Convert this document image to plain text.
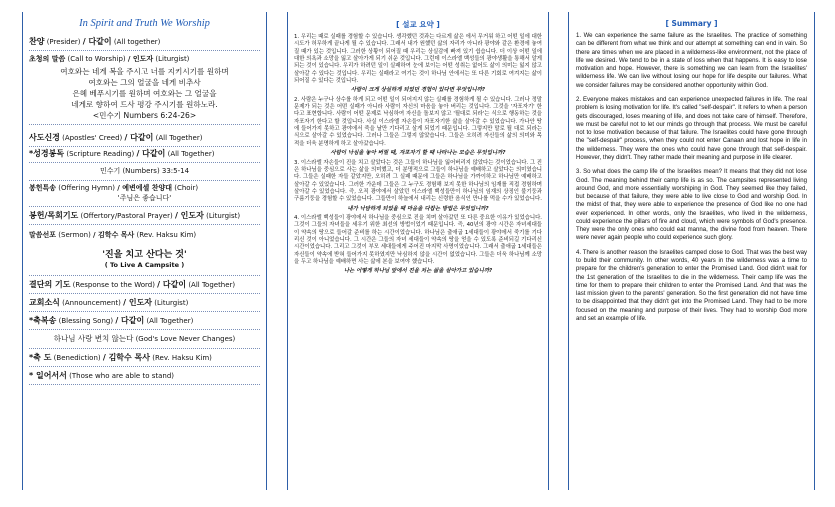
In Spirit and Truth We Worship
찬양 (Presider) / 다같이 (All together)
초청의 말씀 (Call to Worship) / 인도자 (Liturgist)
여호와는 네게 복을 주시고 너를 지키시기를 원하며
여호와는 그의 얼굴을 네게 비추사
은혜 베푸시기를 원하며 여호와는 그 얼굴을
네게로 향하여 드사 평강 주시기를 원하노라.
<민수기 Numbers 6:24-26>
사도신경 (Apostles' Creed) / 다같이 (All Together)
*성경봉독 (Scripture Reading) / 다같이 (All Together)
민수기 (Numbers) 33:5-14
봉헌특송 (Offering Hymn) / 예변에셀 찬양대 (Choir)
'주님은 좋습니다'
봉헌/목회기도 (Offertory/Pastoral Prayer) / 인도자 (Liturgist)
말씀선포 (Sermon) / 김학수 목사 (Rev. Haksu Kim)
'진을 치고 산다는 것'
( To Live A Campsite )
결단의 기도 (Response to the Word) / 다같이 (All Together)
교회소식 (Announcement) / 인도자 (Liturgist)
*축복송 (Blessing Song) / 다같이 (All Together)
하나님 사랑 변치 않는다 (God's Love Never Changes)
*축 도 (Benediction) / 김학수 목사 (Rev. Haksu Kim)
* 일어서서 (Those who are able to stand)
[ 설교 요약 ]

1. 우리는 때로 실패를 경험할 수 있습니다. 생각했던 것과는 다르게 삶은 에서 무거워 하고 어떤 일에 대한 시도가 허무하게 끝나게 될 수 있습니다. 그래서 내가 원했던 삶의 자리가 아니라 광야와 같은 환경에 놓여질 때가 있는 것입니다. 그러한 상황이 되어질 때 우리는 상실감에 빠져 있기 쉽습니다. 더 이상 어떤 일에 대한 의욕과 소망을 잃고 살아가게 되기 쉬운 것입니다. 그런데 이스라엘 백성들의 광야생활을 통해서 알게 되는 것이 있습니다. 우리가 하려던 일이 실패하여 눈에 보이는 어떤 성취는 없어도 삶이 의미는 잃지 않고 살아갈 수 있다는 것입니다. 우리는 실패라고 여기는 것이 하나님 안에서는 또 다른 기회로 여겨지는 삶이 되어질 수 있다는 것입니다.

사람이 크게 상실하게 되었던 경험이 있다면 무엇입니까?

2. 사람은 누구나 상수를 하게 되고 어떤 일이 되어지지 않는 실패를 경험하게 될 수 있습니다. 그러나 정말 문제가 되는 것은 어떤 실패가 아니라 사람이 자신의 마음을 놓아 버리는 것입니다. 그것을 '자포자기' 한 다고 표현합니다. 사람이 어떤 문제로 낙심하여 자신을 돌보지 않고 '될대로 되라'는 식으로 행동하는 것을 자포자기 한다고 할 것입니다. 사실 이스라엘 자손들이 자포자기한 삶을 살아갈 수 있었습니다. 가나안 땅에 들어가지 못하고 광야에서 죽을 날만 기다리고 살게 되었기 때문입니다. 그렇지만 말로 될 대로 되라는 식으로 살아갈 수 있었습니다. 그러나 그들은 그렇지 않았습니다. 그들은 오히려 자신들의 삶의 의미와 목적을 더욱 분명하게 하고 살아갔습니다.

사람이 낙심을 놓아 버릴 때, 자포자기 할 때 나타나는 모습은 무엇입니까?

3. 이스라엘 자손들이 진을 치고 살았다는 것은 그들이 하나님을 잃어버리지 않았다는 것이었습니다. 그 진은 하나님을 중심으로 사는 삶을 의미했고, 더 분명적으로 그들이 하나님을 예배하고 살았다는 의미였습니다. 그들은 실패한 자들 같았지만, 오히려 그 실패 때문에 그들은 하나님을 가까이하고 하나님만 예배하고 살아갈 수 있었습니다. 그러한 가운데 그들은 그 누구도 경험해 보지 못한 하나님의 임재를 직접 경험하며 살아갈 수 있었습니다. 즉, 오직 광야에서 살았던 이스라엘 백성들만이 하나님의 임재의 상징인 불기둥과 구름기둥을 경험할 수 있었습니다. 그들만이 하늘에서 내리는 신령한 음식인 만나를 먹을 수가 있었습니다.

내가 낙담하게 되었을 때 마음을 다잡는 방법은 무엇입니까?

4. 이스라엘 백성들이 광야에서 하나님을 중심으로 진을 치며 살아갔던 또 다른 중요한 이유가 있었습니다. 그것이 그들의 자녀들을 세우기 위한 최선의 방법이었기 때문입니다. 즉, 40년의 광야 시간은 자녀세대들이 약속의 땅으로 들어갈 준비를 하는 시간이었습니다. 하나님은 출애굽 1세대들이 광야에서 죽기를 기다리신 것이 아니었습니다. 그 시간은 그들의 자녀 세대들이 약속의 땅을 얻을 수 있도록 준비되길 기다리신 시간이었습니다. 그리고 그것이 부모 세대들에게 주어진 마지막 사명이었습니다. 그래서 출애굽 1세대들은 자신들이 약속에 받혀 들어가지 못하였지만 낙심하지 않을 시간이 없었습니다. 그들은 더욱 하나님께 소망을 두고 하나님을 예배하면 사는 삶에 본을 보여야 했습니다.

나는 어떻게 하나님 앞에서 진을 치는 삶을 살아가고 있습니까?

[ Summary ]

1. We can experience the same failure as the Israelites. The practice of something can be different from what we think and our attempt at something can end in vain. So there are times when we are placed in a wilderness-like environment, not the place of life we desired. We tend to be in a state of loss when that happens. It is easy to lose motivation and hope. However, there is something we can learn from the Israelites' wilderness life. We can live without losing our hope for life despite our failures. What we consider failures may be considered another opportunity within God.

2. Everyone makes mistakes and can experience unexpected failures in life. The real problem is losing motivation for life. It's called "self-despair". It refers to when a person gets discouraged, loses meaning of life, and does not take care of himself. Therefore, we must be careful not to let our minds go through that process. We must be careful not to lose motivation because of that failure. The Israelites could have gone through the "self-despair" process, when they could not enter Canaan and lost hope in life in the wilderness. They were the ones who could have gone through that self-despair. However, they didn't. They rather made their meaning and purpose in life clearer.

3. So what does the camp life of the Israelites mean? It means that they did not lose God. The meaning behind their camp life is as so. The campsites represented living around God, and more essentially worshiping in God. They seemed like they failed, but because of that failure, they were able to live close to God and worship God. In the midst of that, they were able to experience the presence of God like no one had ever experienced. In other words, only the Israelites, who lived in the wilderness, could experience the pillars of fire and cloud, which were symbols of God's presence. They were the only ones who could eat manna, the divine food from heaven. There were never again people who could experience such glory.

4. There is another reason the Israelites camped close to God. That was the best way to build their community. In other words, 40 years in the wilderness was a time to prepare for the children's generation to enter the Promised Land. God didn't wait for the 1st generation of the Israelites to die in the wilderness. Their camp life was the time for them to prepare their children to enter the Promised Land. And that was the last mission given to the parents' generation. So the first generation did not have time to be disappointed that they didn't get into the Promised Land. They had to be more focused on the meaning and purpose of their lives. They had to worship God more and set an example of life.
